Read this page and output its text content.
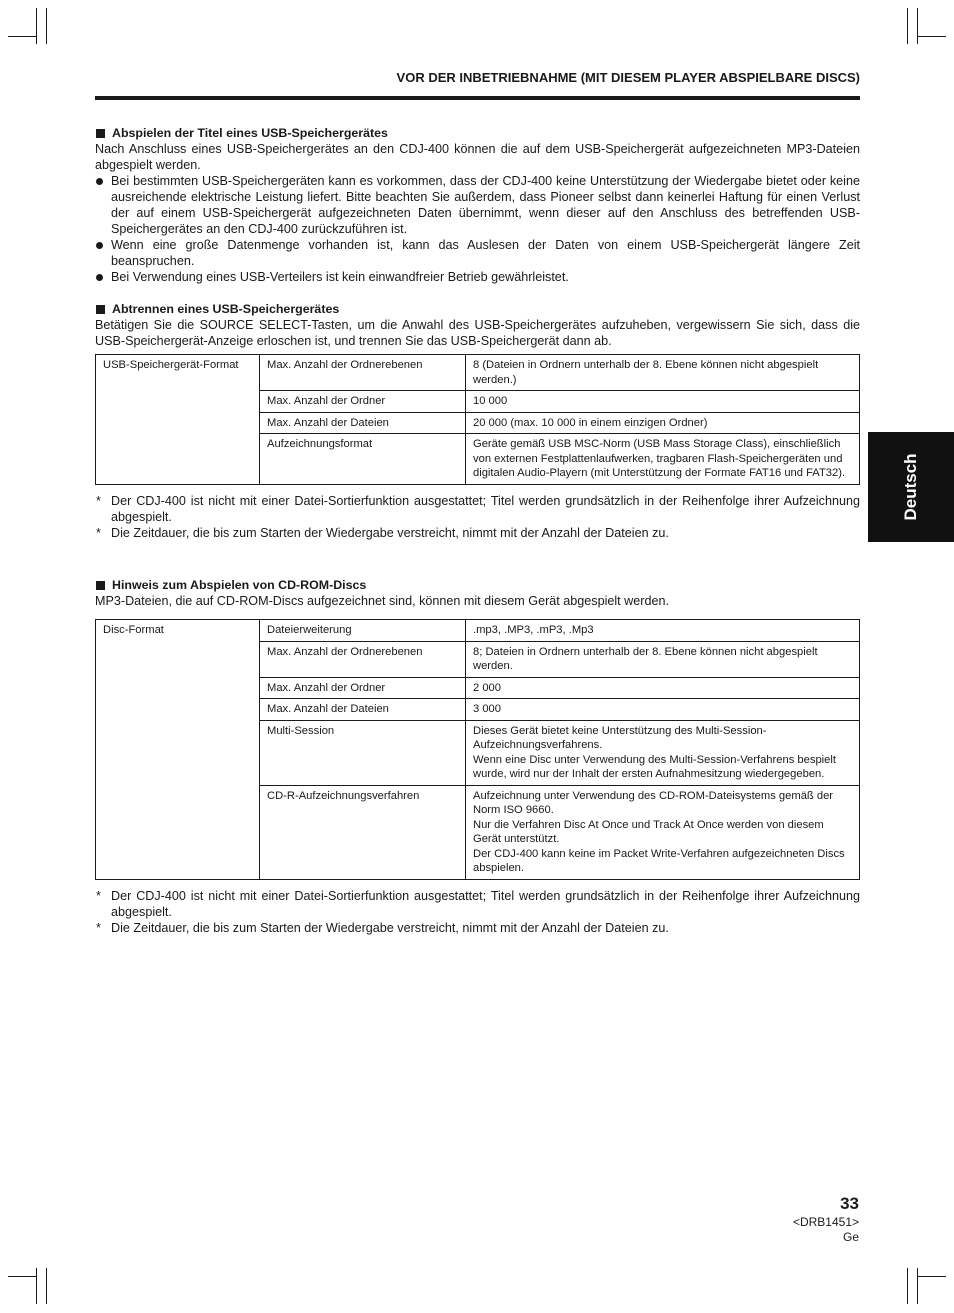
VOR DER INBETRIEBNAHME (MIT DIESEM PLAYER ABSPIELBARE DISCS)
Deutsch
Abspielen der Titel eines USB-Speichergerätes

Nach Anschluss eines USB-Speichergerätes an den CDJ-400 können die auf dem USB-Speichergerät aufgezeichneten MP3-Dateien abgespielt werden.

Bei bestimmten USB-Speichergeräten kann es vorkommen, dass der CDJ-400 keine Unterstützung der Wiedergabe bietet oder keine ausreichende elektrische Leistung liefert. Bitte beachten Sie außerdem, dass Pioneer selbst dann keinerlei Haftung für einen Verlust der auf einem USB-Speichergerät aufgezeichneten Daten übernimmt, wenn dieser auf den Anschluss des betreffenden USB-Speichergerätes an den CDJ-400 zurückzuführen ist.
Wenn eine große Datenmenge vorhanden ist, kann das Auslesen der Daten von einem USB-Speichergerät längere Zeit beanspruchen.
Bei Verwendung eines USB-Verteilers ist kein einwandfreier Betrieb gewährleistet.
Abtrennen eines USB-Speichergerätes

Betätigen Sie die SOURCE SELECT-Tasten, um die Anwahl des USB-Speichergerätes aufzuheben, vergewissern Sie sich, dass die USB-Speichergerät-Anzeige erloschen ist, und trennen Sie das USB-Speichergerät dann ab.

USB-Speichergerät-Format	Max. Anzahl der Ordnerebenen	8 (Dateien in Ordnern unterhalb der 8. Ebene können nicht abgespielt werden.)
	Max. Anzahl der Ordner	10 000
	Max. Anzahl der Dateien	20 000 (max. 10 000 in einem einzigen Ordner)
	Aufzeichnungsformat	Geräte gemäß USB MSC-Norm (USB Mass Storage Class), einschließlich von externen Festplattenlaufwerken, tragbaren Flash-Speichergeräten und digitalen Audio-Playern (mit Unterstützung der Formate FAT16 und FAT32).
* Der CDJ-400 ist nicht mit einer Datei-Sortierfunktion ausgestattet; Titel werden grundsätzlich in der Reihenfolge ihrer Aufzeichnung abgespielt.
* Die Zeitdauer, die bis zum Starten der Wiedergabe verstreicht, nimmt mit der Anzahl der Dateien zu.
Hinweis zum Abspielen von CD-ROM-Discs

MP3-Dateien, die auf CD-ROM-Discs aufgezeichnet sind, können mit diesem Gerät abgespielt werden.

Disc-Format	Dateierweiterung	.mp3, .MP3, .mP3, .Mp3
	Max. Anzahl der Ordnerebenen	8; Dateien in Ordnern unterhalb der 8. Ebene können nicht abgespielt werden.
	Max. Anzahl der Ordner	2 000
	Max. Anzahl der Dateien	3 000
	Multi-Session	Dieses Gerät bietet keine Unterstützung des Multi-Session-Aufzeichnungsverfahrens.
Wenn eine Disc unter Verwendung des Multi-Session-Verfahrens bespielt wurde, wird nur der Inhalt der ersten Aufnahmesitzung wiedergegeben.
	CD-R-Aufzeichnungsverfahren	Aufzeichnung unter Verwendung des CD-ROM-Dateisystems gemäß der Norm ISO 9660.
Nur die Verfahren Disc At Once und Track At Once werden von diesem Gerät unterstützt.
Der CDJ-400 kann keine im Packet Write-Verfahren aufgezeichneten Discs abspielen.
* Der CDJ-400 ist nicht mit einer Datei-Sortierfunktion ausgestattet; Titel werden grundsätzlich in der Reihenfolge ihrer Aufzeichnung abgespielt.
* Die Zeitdauer, die bis zum Starten der Wiedergabe verstreicht, nimmt mit der Anzahl der Dateien zu.
33
<DRB1451>
Ge
